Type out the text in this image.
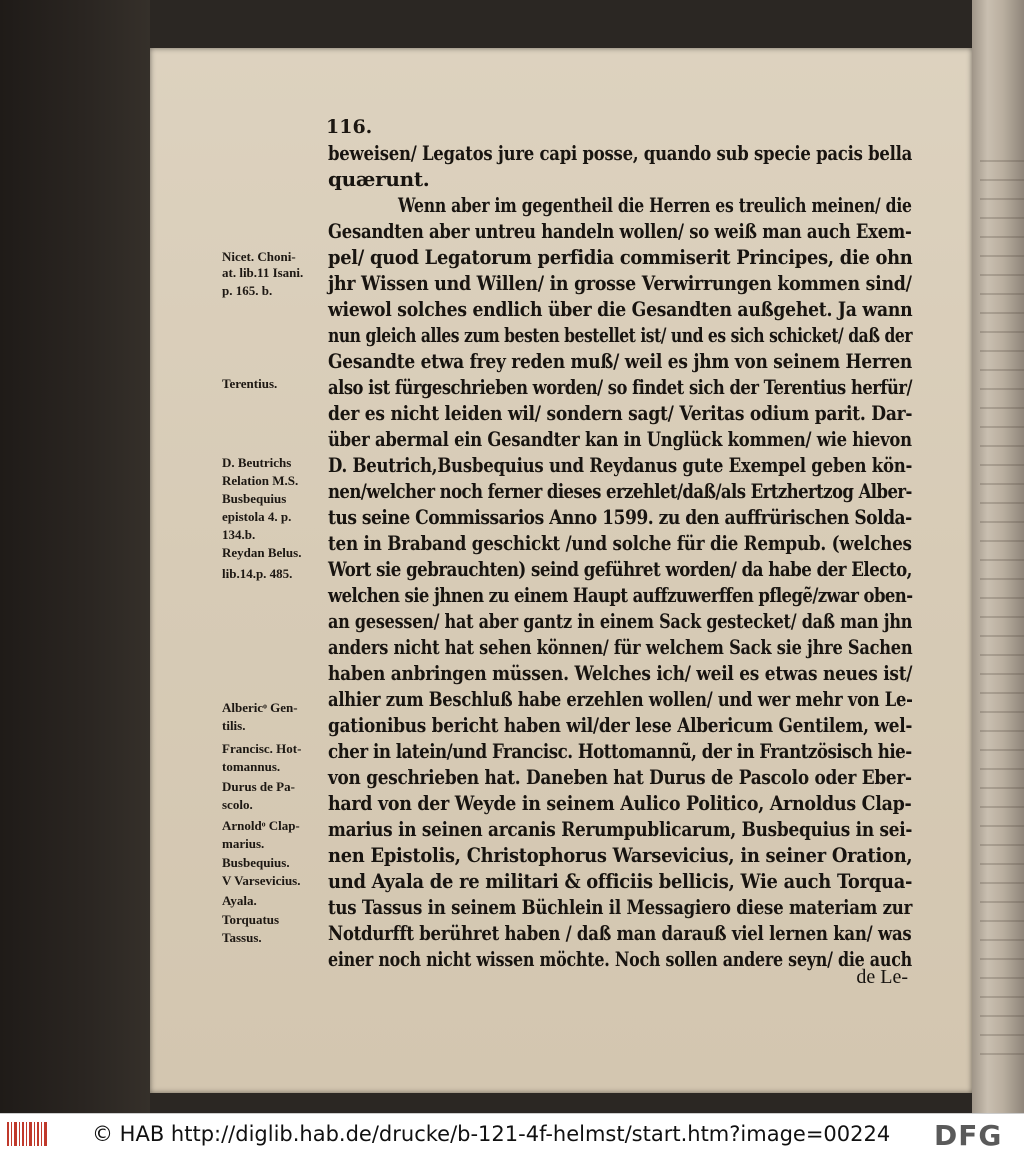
116.

beweisen/ Legatos jure capi posse, quando sub specie pacis bella

quærunt.

Wenn aber im gegentheil die Herren es treulich meinen/ die

Gesandten aber untreu handeln wollen/ so weiß man auch Exem-

pel/ quod Legatorum perfidia commiserit Principes, die ohn

jhr Wissen und Willen/ in grosse Verwirrungen kommen sind/

wiewol solches endlich über die Gesandten außgehet. Ja wann

nun gleich alles zum besten bestellet ist/ und es sich schicket/ daß der

Gesandte etwa frey reden muß/ weil es jhm von seinem Herren

also ist fürgeschrieben worden/ so findet sich der Terentius herfür/

der es nicht leiden wil/ sondern sagt/ Veritas odium parit. Dar-

über abermal ein Gesandter kan in Unglück kommen/ wie hievon

D. Beutrich,Busbequius und Reydanus gute Exempel geben kön-

nen/welcher noch ferner dieses erzehlet/daß/als Ertzhertzog Alber-

tus seine Commissarios Anno 1599. zu den auffrürischen Solda-

ten in Braband geschickt /und solche für die Rempub. (welches

Wort sie gebrauchten) seind geführet worden/ da habe der Electo,

welchen sie jhnen zu einem Haupt auffzuwerffen pflegẽ/zwar oben-

an gesessen/ hat aber gantz in einem Sack gestecket/ daß man jhn

anders nicht hat sehen können/ für welchem Sack sie jhre Sachen

haben anbringen müssen. Welches ich/ weil es etwas neues ist/

alhier zum Beschluß habe erzehlen wollen/ und wer mehr von Le-

gationibus bericht haben wil/der lese Albericum Gentilem, wel-

cher in latein/und Francisc. Hottomannũ, der in Frantzösisch hie-

von geschrieben hat. Daneben hat Durus de Pascolo oder Eber-

hard von der Weyde in seinem Aulico Politico, Arnoldus Clap-

marius in seinen arcanis Rerumpublicarum, Busbequius in sei-

nen Epistolis, Christophorus Warsevicius, in seiner Oration,

und Ayala de re militari & officiis bellicis, Wie auch Torqua-

tus Tassus in seinem Büchlein il Messagiero diese materiam zur

Notdurfft berühret haben / daß man darauß viel lernen kan/ was

einer noch nicht wissen möchte. Noch sollen andere seyn/ die auch

de Le-

Nicet. Choni-

at. lib.11 Isani.

p. 165. b.

Terentius.

D. Beutrichs

Relation M.S.

Busbequius

epistola 4. p.

134.b.

Reydan Belus.

lib.14.p. 485.

Albericͦ Gen-

tilis.

Francisc. Hot-

tomannus.

Durus de Pa-

scolo.

Arnoldͦ Clap-

marius.

Busbequius.

V Varsevicius.

Ayala.

Torquatus

Tassus.

© HAB http://diglib.hab.de/drucke/b-121-4f-helmst/start.htm?image=00224 DFG
